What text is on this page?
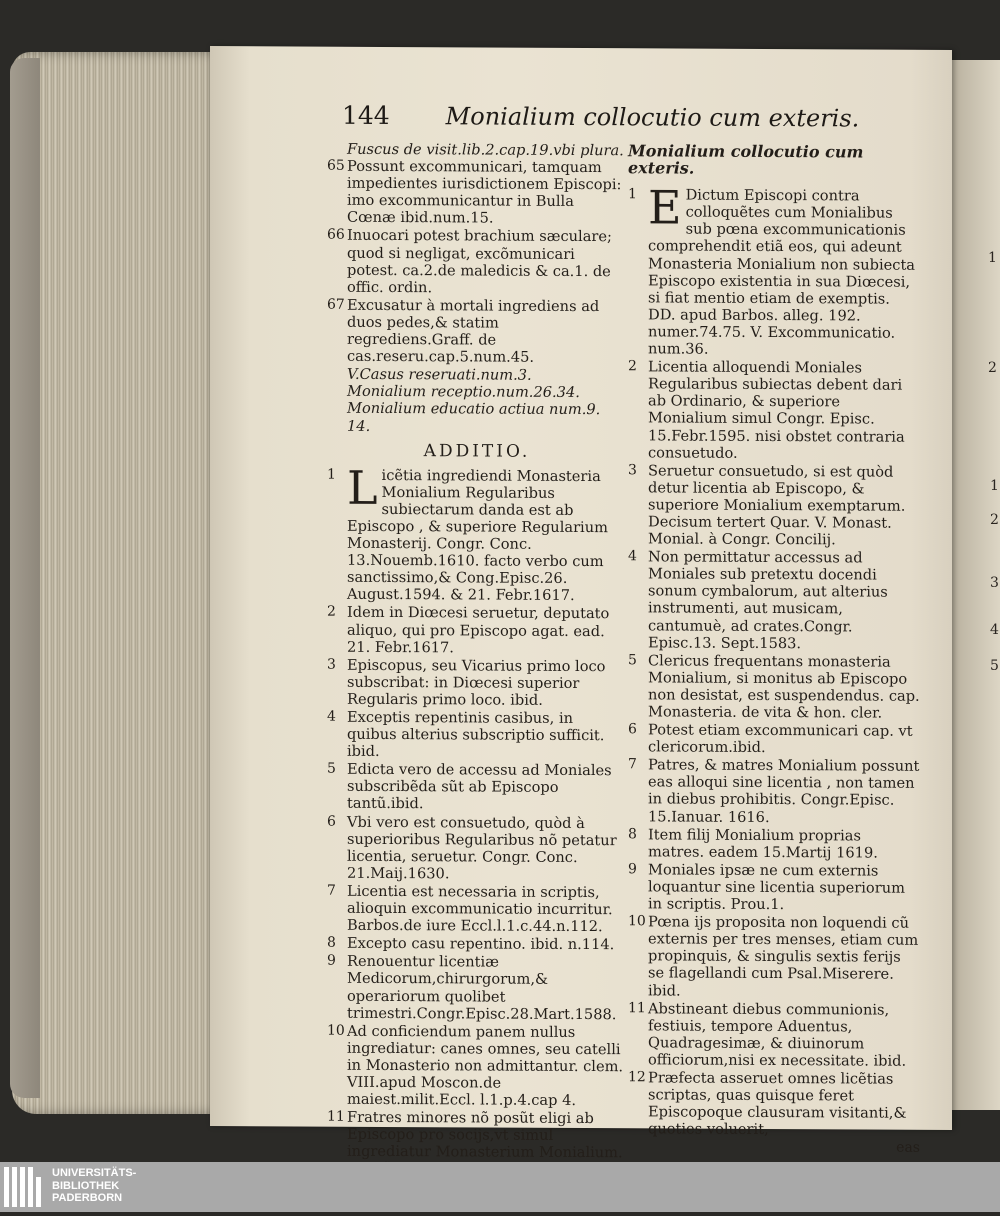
1
2
1
2
3
4
5
144 Monialium collocutio cum exteris.
Fuscus de visit.lib.2.cap.19.vbi plura.
65 Possunt excommunicari, tamquam impedientes iurisdictionem Episcopi: imo excommunicantur in Bulla Cœnæ ibid.num.15.
66 Inuocari potest brachium sæculare; quod si negligat, excõmunicari potest. ca.2.de maledicis & ca.1. de offic. ordin.
67 Excusatur à mortali ingrediens ad duos pedes,& statim regrediens.Graff. de cas.reseru.cap.5.num.45.
V.Casus reseruati.num.3.
Monialium receptio.num.26.34.
Monialium educatio actiua num.9. 14.
ADDITIO.
1 L icẽtia ingrediendi Monasteria Monialium Regularibus subiectarum danda est ab Episcopo , & superiore Regularium Monasterij. Congr. Conc. 13.Nouemb.1610. facto verbo cum sanctissimo,& Cong.Episc.26. August.1594. & 21. Febr.1617.
2 Idem in Diœcesi seruetur, deputato aliquo, qui pro Episcopo agat. ead. 21. Febr.1617.
3 Episcopus, seu Vicarius primo loco subscribat: in Diœcesi superior Regularis primo loco. ibid.
4 Exceptis repentinis casibus, in quibus alterius subscriptio sufficit. ibid.
5 Edicta vero de accessu ad Moniales subscribẽda sũt ab Episcopo tantũ.ibid.
6 Vbi vero est consuetudo, quòd à superioribus Regularibus nõ petatur licentia, seruetur. Congr. Conc. 21.Maij.1630.
7 Licentia est necessaria in scriptis, alioquin excommunicatio incurritur. Barbos.de iure Eccl.l.1.c.44.n.112.
8 Excepto casu repentino. ibid. n.114.
9 Renouentur licentiæ Medicorum,chirurgorum,& operariorum quolibet trimestri.Congr.Episc.28.Mart.1588.
10 Ad conficiendum panem nullus ingrediatur: canes omnes, seu catelli in Monasterio non admittantur. clem. VIII.apud Moscon.de maiest.milit.Eccl. l.1.p.4.cap 4.
11 Fratres minores nõ posũt eligi ab Episcopo pro socijs,vt simul ingrediatur Monasterium Monialium.
Monialium collocutio cum exteris.
1 E Dictum Episcopi contra colloquẽtes cum Monialibus sub pœna excommunicationis comprehendit etiã eos, qui adeunt Monasteria Monialium non subiecta Episcopo existentia in sua Diœcesi, si fiat mentio etiam de exemptis. DD. apud Barbos. alleg. 192. numer.74.75. V. Excommunicatio. num.36.
2 Licentia alloquendi Moniales Regularibus subiectas debent dari ab Ordinario, & superiore Monialium simul Congr. Episc. 15.Febr.1595. nisi obstet contraria consuetudo.
3 Seruetur consuetudo, si est quòd detur licentia ab Episcopo, & superiore Monialium exemptarum. Decisum tertert Quar. V. Monast. Monial. à Congr. Concilij.
4 Non permittatur accessus ad Moniales sub pretextu docendi sonum cymbalorum, aut alterius instrumenti, aut musicam, cantumuè, ad crates.Congr. Episc.13. Sept.1583.
5 Clericus frequentans monasteria Monialium, si monitus ab Episcopo non desistat, est suspendendus. cap. Monasteria. de vita & hon. cler.
6 Potest etiam excommunicari cap. vt clericorum.ibid.
7 Patres, & matres Monialium possunt eas alloqui sine licentia , non tamen in diebus prohibitis. Congr.Episc. 15.Ianuar. 1616.
8 Item filij Monialium proprias matres. eadem 15.Martij 1619.
9 Moniales ipsæ ne cum externis loquantur sine licentia superiorum in scriptis. Prou.1.
10 Pœna ijs proposita non loquendi cũ externis per tres menses, etiam cum propinquis, & singulis sextis ferijs se flagellandi cum Psal.Miserere. ibid.
11 Abstineant diebus communionis, festiuis, tempore Aduentus, Quadragesimæ, & diuinorum officiorum,nisi ex necessitate. ibid.
12 Præfecta asseruet omnes licẽtias scriptas, quas quisque feret Episcopoque clausuram visitanti,& quoties voluerit,
eas
UNIVERSITÄTS-
BIBLIOTHEK
PADERBORN
